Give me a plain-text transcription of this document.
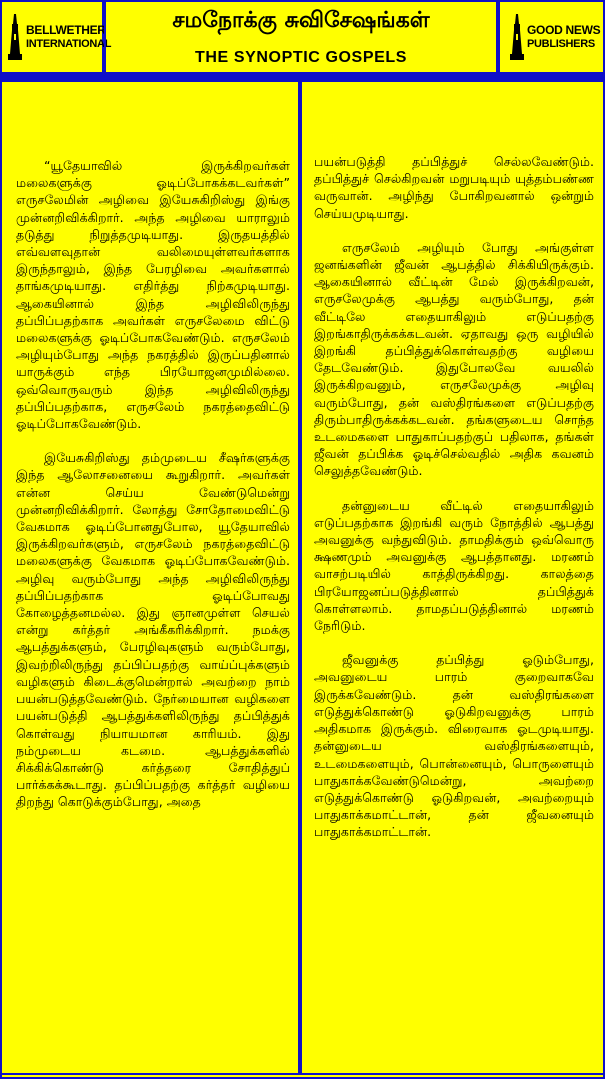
BELLWETHER
INTERNATIONAL
சமநோக்கு சுவிசேஷங்கள்
THE SYNOPTIC GOSPELS
GOOD NEWS
PUBLISHERS

“யூதேயாவில் இருக்கிறவர்கள் மலைகளுக்கு ஓடிப்போகக்கடவர்கள்” எருசலேமின் அழிவை இயேசுகிறிஸ்து இங்கு முன்னறிவிக்கிறார். அந்த அழிவை யாராலும் தடுத்து நிறுத்தமுடியாது. இருதயத்தில் எவ்வளவுதான் வலிமையுள்ளவர்களாக இருந்தாலும், இந்த பேரழிவை அவர்களால் தாங்கமுடியாது. எதிர்த்து நிற்கமுடியாது. ஆகையினால் இந்த அழிவிலிருந்து தப்பிப்பதற்காக அவர்கள் எருசலேமை விட்டு மலைகளுக்கு ஓடிப்போகவேண்டும். எருசலேம் அழியும்போது அந்த நகரத்தில் இருப்பதினால் யாருக்கும் எந்த பிரயோஜனமுமில்லை. ஒவ்வொருவரும் இந்த அழிவிலிருந்து தப்பிப்பதற்காக, எருசலேம் நகரத்தைவிட்டு ஓடிப்போகவேண்டும்.

இயேசுகிறிஸ்து தம்முடைய சீஷர்களுக்கு இந்த ஆலோசனையை கூறுகிறார். அவர்கள் என்ன செய்ய வேண்டுமென்று முன்னறிவிக்கிறார். லோத்து சோதோமைவிட்டு வேகமாக ஓடிப்போனதுபோல, யூதேயாவில் இருக்கிறவர்களும், எருசலேம் நகரத்தைவிட்டு மலைகளுக்கு வேகமாக ஓடிப்போகவேண்டும். அழிவு வரும்போது அந்த அழிவிலிருந்து தப்பிப்பதற்காக ஓடிப்போவது கோழைத்தனமல்ல. இது ஞானமுள்ள செயல் என்று கர்த்தர் அங்கீகரிக்கிறார். நமக்கு ஆபத்துக்களும், பேரழிவுகளும் வரும்போது, இவற்றிலிருந்து தப்பிப்பதற்கு வாய்ப்புக்களும் வழிகளும் கிடைக்குமென்றால் அவற்றை நாம் பயன்படுத்தவேண்டும். நேர்மையான வழிகளை பயன்படுத்தி ஆபத்துக்களிலிருந்து தப்பித்துக் கொள்வது நியாயமான காரியம். இது நம்முடைய கடமை. ஆபத்துக்களில் சிக்கிக்கொண்டு கர்த்தரை சோதித்துப் பார்க்கக்கூடாது. தப்பிப்பதற்கு கர்த்தர் வழியை திறந்து கொடுக்கும்போது, அதை

பயன்படுத்தி தப்பித்துச் செல்லவேண்டும். தப்பித்துச் செல்கிறவன் மறுபடியும் யுத்தம்பண்ண வருவான். அழிந்து போகிறவனால் ஒன்றும் செய்யமுடியாது.

எருசலேம் அழியும் போது அங்குள்ள ஜனங்களின் ஜீவன் ஆபத்தில் சிக்கியிருக்கும். ஆகையினால் வீட்டின் மேல் இருக்கிறவன், எருசலேமுக்கு ஆபத்து வரும்போது, தன் வீட்டிலே எதையாகிலும் எடுப்பதற்கு இறங்காதிருக்கக்கடவன். ஏதாவது ஒரு வழியில் இறங்கி தப்பித்துக்கொள்வதற்கு வழியை தேடவேண்டும். இதுபோலவே வயலில் இருக்கிறவனும், எருசலேமுக்கு அழிவு வரும்போது, தன் வஸ்திரங்களை எடுப்பதற்கு திரும்பாதிருக்கக்கடவன். தங்களுடைய சொந்த உடமைகளை பாதுகாப்பதற்குப் பதிலாக, தங்கள் ஜீவன் தப்பிக்க ஓடிச்செல்வதில் அதிக கவனம் செலுத்தவேண்டும்.

தன்னுடைய வீட்டில் எதையாகிலும் எடுப்பதற்காக இறங்கி வரும் நோத்தில் ஆபத்து அவனுக்கு வந்துவிடும். தாமதிக்கும் ஒவ்வொரு க்ஷணமும் அவனுக்கு ஆபத்தானது. மரணம் வாசற்படியில் காத்திருக்கிறது. காலத்தை பிரயோஜனப்படுத்தினால் தப்பித்துக் கொள்ளலாம். தாமதப்படுத்தினால் மரணம் நேரிடும்.

ஜீவனுக்கு தப்பித்து ஓடும்போது, அவனுடைய பாரம் குறைவாகவே இருக்கவேண்டும். தன் வஸ்திரங்களை எடுத்துக்கொண்டு ஓடுகிறவனுக்கு பாரம் அதிகமாக இருக்கும். விரைவாக ஓடமுடியாது. தன்னுடைய வஸ்திரங்களையும், உடமைகளையும், பொன்னையும், பொருளையும் பாதுகாக்கவேண்டுமென்று, அவற்றை எடுத்துக்கொண்டு ஓடுகிறவன், அவற்றையும் பாதுகாக்கமாட்டான், தன் ஜீவனையும் பாதுகாக்கமாட்டான்.
